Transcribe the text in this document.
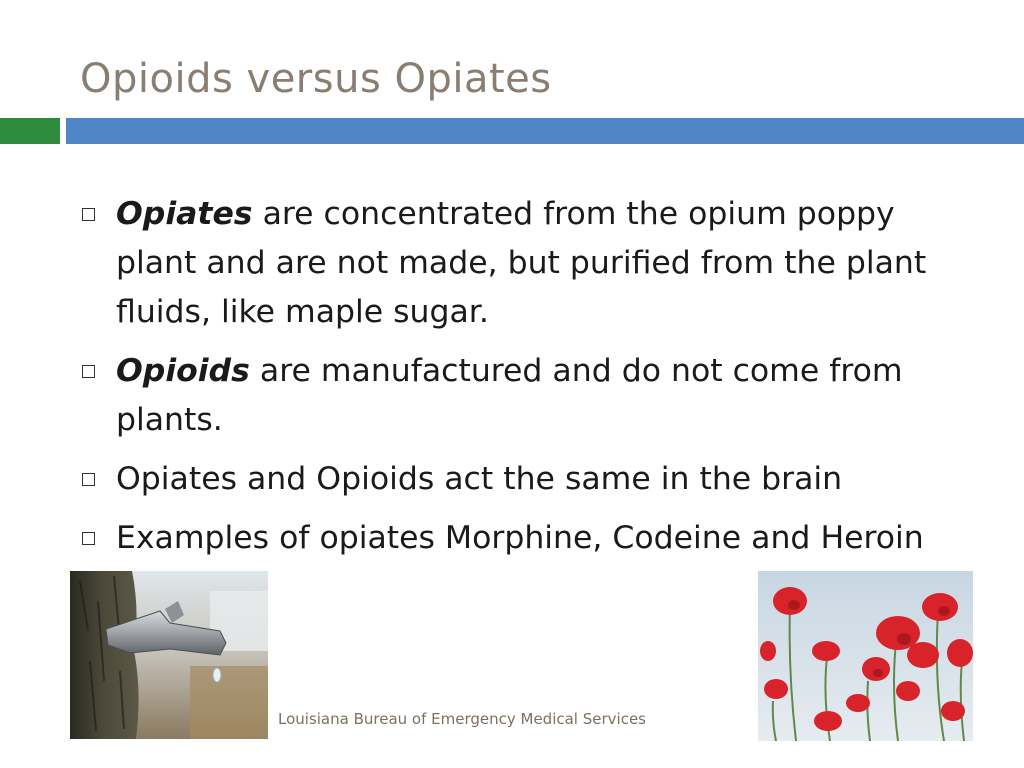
Opioids versus Opiates
Opiates are concentrated from the opium poppy plant and are not made, but purified from the plant fluids, like maple sugar.
Opioids are manufactured and do not come from plants.
Opiates and Opioids act the same in the brain
Examples of opiates Morphine, Codeine and Heroin
Louisiana Bureau of Emergency Medical Services
